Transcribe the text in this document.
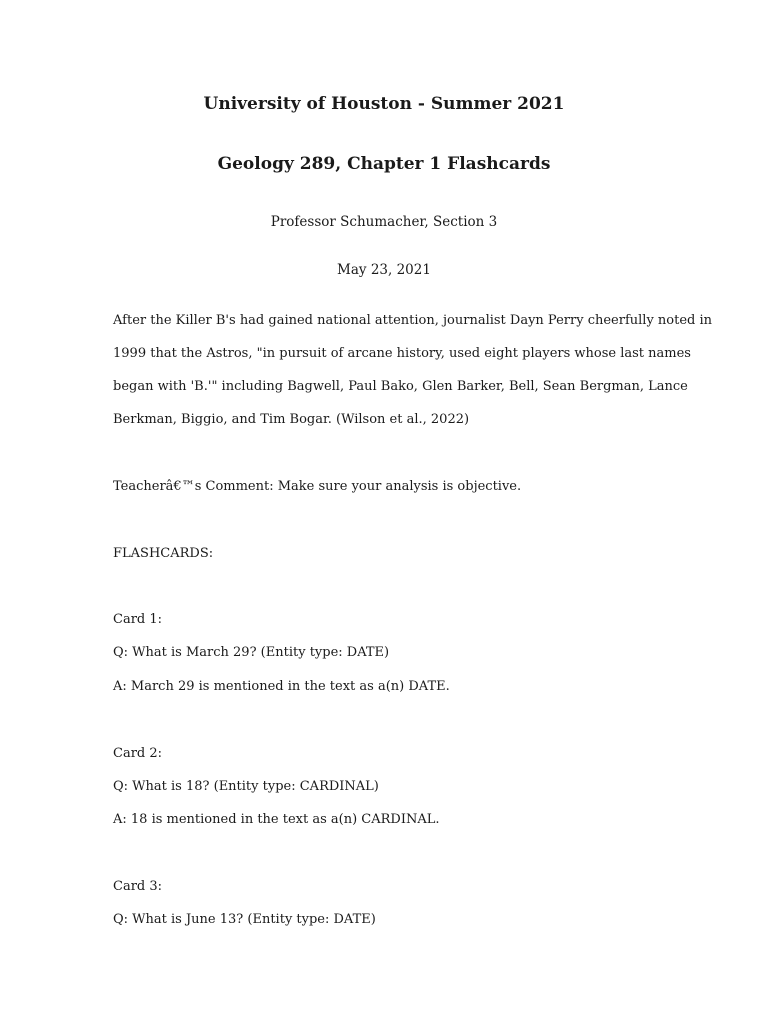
University of Houston - Summer 2021
Geology 289, Chapter 1 Flashcards
Professor Schumacher, Section 3
May 23, 2021
After the Killer B's had gained national attention, journalist Dayn Perry cheerfully noted in
1999 that the Astros, "in pursuit of arcane history, used eight players whose last names
began with 'B.'" including Bagwell, Paul Bako, Glen Barker, Bell, Sean Bergman, Lance
Berkman, Biggio, and Tim Bogar. (Wilson et al., 2022)
Teacherâ€™s Comment: Make sure your analysis is objective.
FLASHCARDS:
Card 1:
Q: What is March 29? (Entity type: DATE)
A: March 29 is mentioned in the text as a(n) DATE.
Card 2:
Q: What is 18? (Entity type: CARDINAL)
A: 18 is mentioned in the text as a(n) CARDINAL.
Card 3:
Q: What is June 13? (Entity type: DATE)
